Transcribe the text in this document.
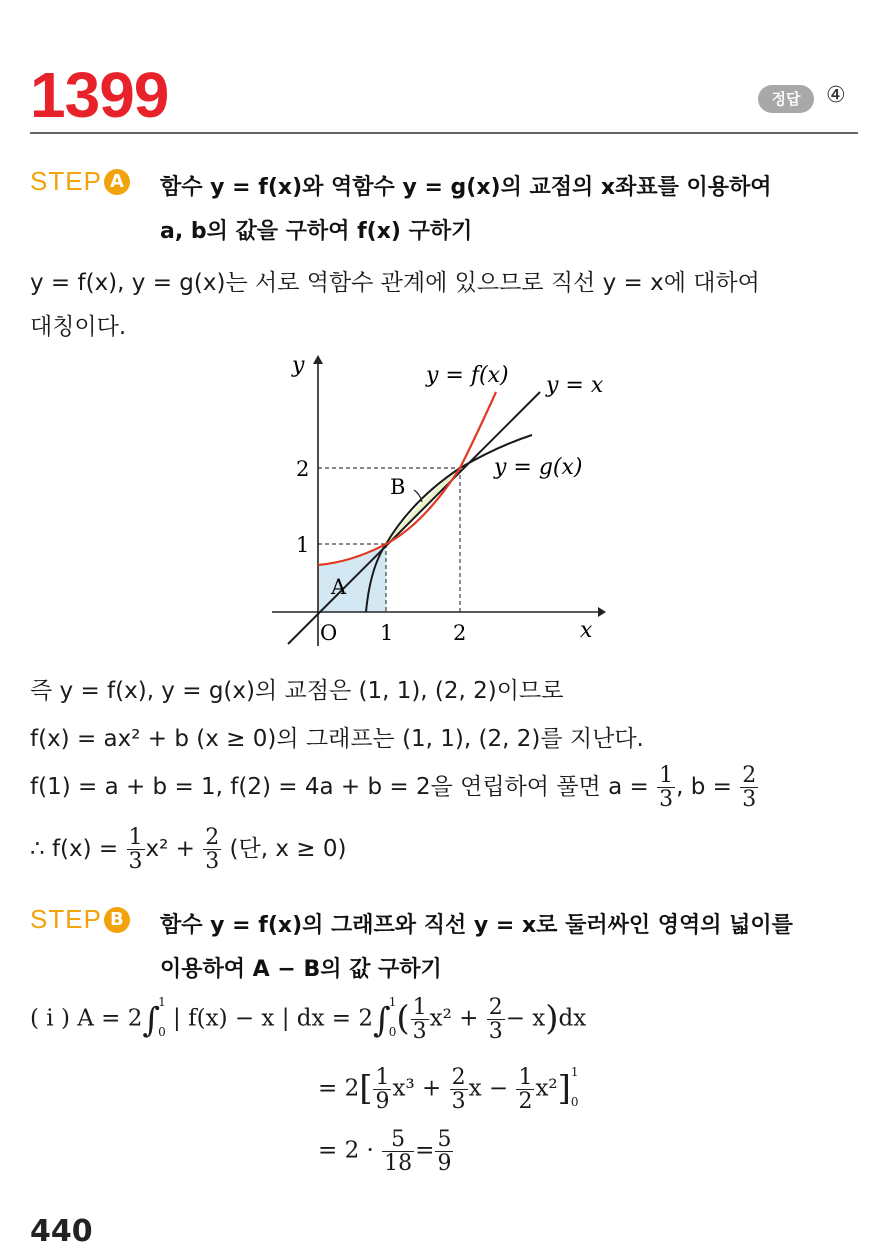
1399	정답	④
STEP A 함수 y = f(x)와 역함수 y = g(x)의 교점의 x좌표를 이용하여
a, b의 값을 구하여 f(x) 구하기
y = f(x), y = g(x)는 서로 역함수 관계에 있으므로 직선 y = x에 대하여
대칭이다.
y
x
O 1	2
1
2
y = f(x) y = x
y = g(x)
A
B
즉 y = f(x), y = g(x)의 교점은 (1, 1), (2, 2)이므로
f(x) = ax² + b (x ≥ 0)의 그래프는 (1, 1), (2, 2)를 지난다.
f(1) = a + b = 1, f(2) = 4a + b = 2을 연립하여 풀면 $a = \frac{1}{3}$ , $b = \frac{2}{3}$
∴ $f(x) = \frac{1}{3} x^2 + \frac{2}{3}$ (단, x ≥ 0)
STEP B 함수 y = f(x)의 그래프와 직선 y = x로 둘러싸인 영역의 넓이를
이용하여 A − B의 값 구하기
( i ) A = 2∫
1
0
| f(x) − x | dx = 2∫
1
0 ( $\frac{1}{3} x^2 + \frac{2}{3} - x)dx$
= $2[ \frac{1}{9} x^3 + \frac{2}{3}$ $x - \frac{1}{2} x^2$] 1
0
= $2 \cdot \frac{5}{18} = \frac{5}{9}$
440
